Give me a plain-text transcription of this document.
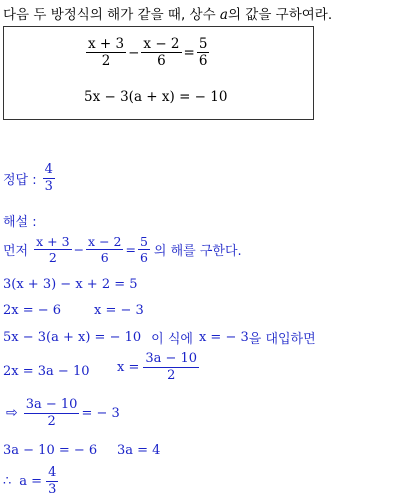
다음 두 방정식의 해가 같을 때, 상수 a의 값을 구하여라.
$\frac{x + 3}{2} - \frac{x - 2}{6} = \frac{5}{6}$
5x − 3(a + x) = − 10
정답 : $\frac{4}{3}$
해설 :
먼저 $\frac{x + 3}{2} - \frac{x - 2}{6} = \frac{5}{6}$ 의 해를 구한다.
3(x + 3) − x + 2 = 5
2x = − 6	x = − 3
5x − 3(a + x) = − 10 이 식에 x = − 3 을 대입하면
2x = 3a − 10 $x = \frac{3a - 10}{2}$
⇨ $\frac{3a - 10}{2}$ = − 3
3a − 10 = − 6 3a = 4
∴ $a = \frac{4}{3}$
